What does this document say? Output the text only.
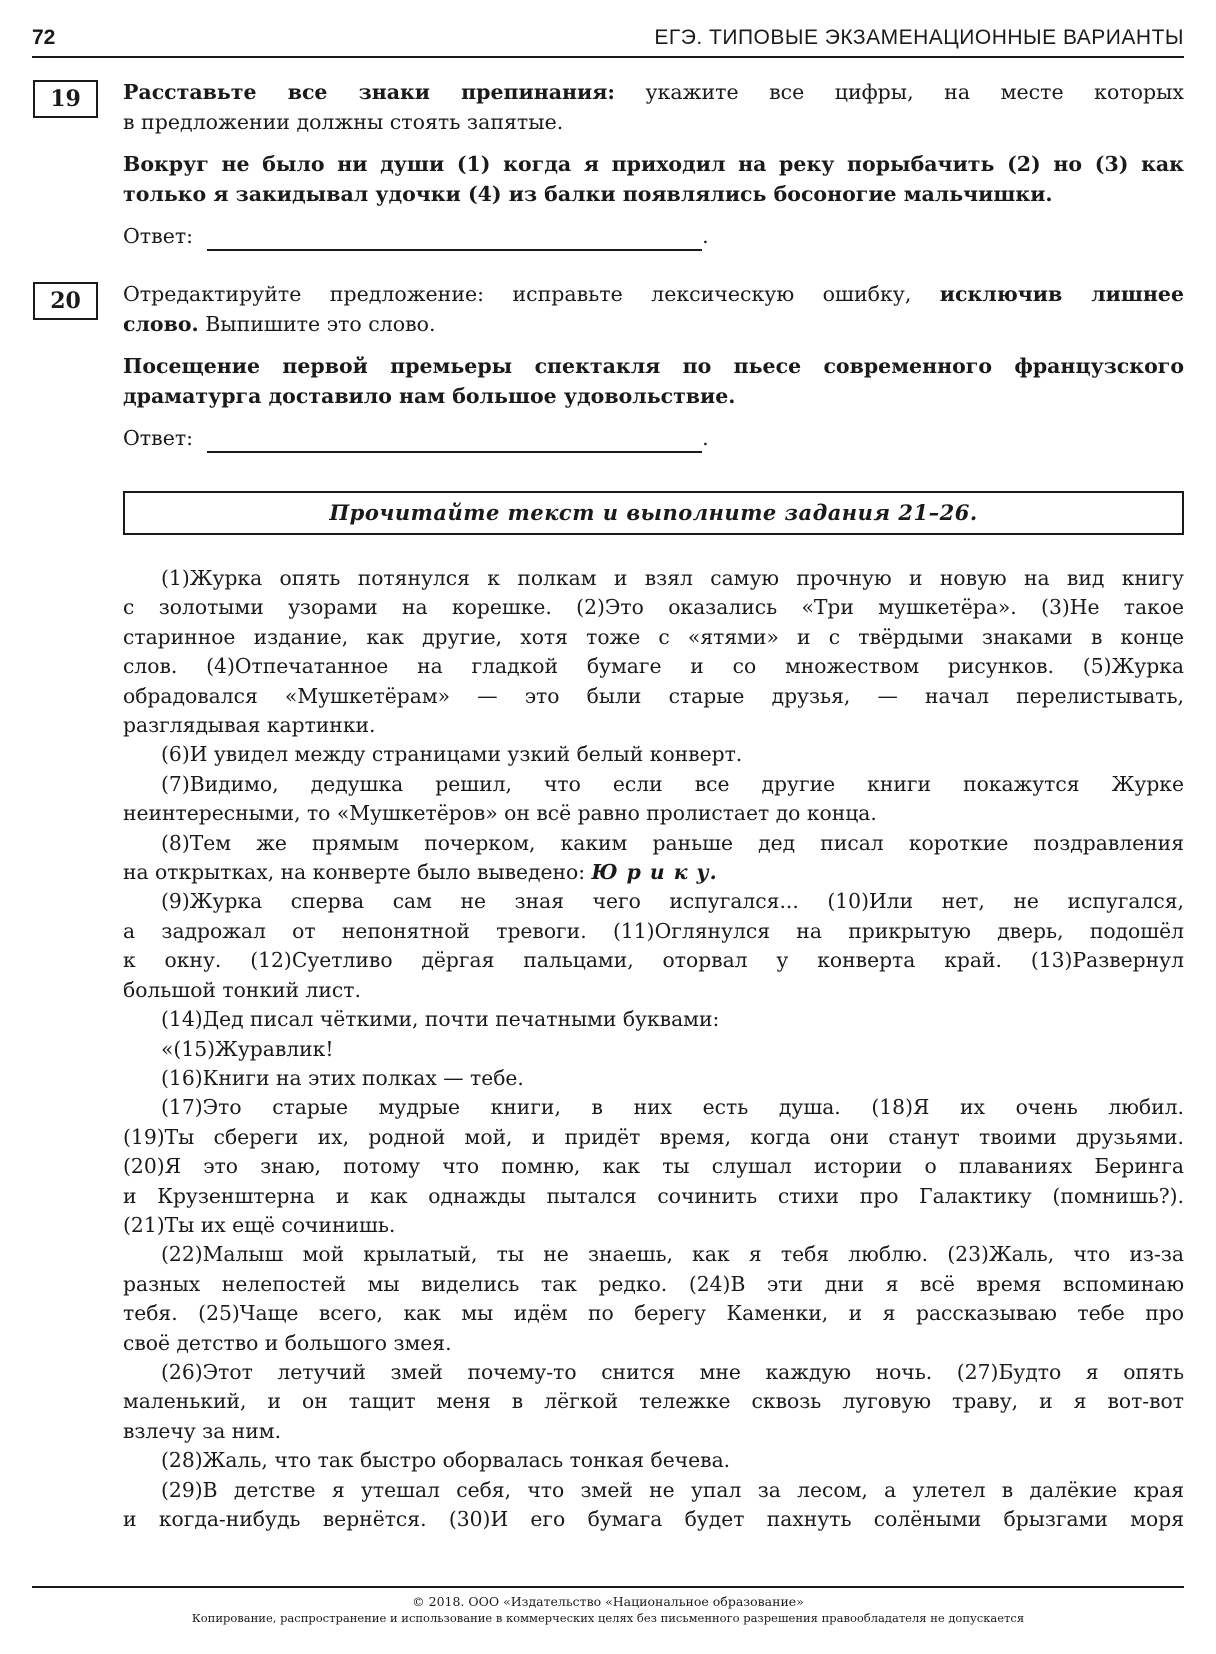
72	ЕГЭ. ТИПОВЫЕ ЭКЗАМЕНАЦИОННЫЕ ВАРИАНТЫ
19	Расставьте все знаки препинания: укажите все цифры, на месте которых
в предложении должны стоять запятые.
Вокруг не было ни души (1) когда я приходил на реку порыбачить (2) но (3) как
только я закидывал удочки (4) из балки появлялись босоногие мальчишки.
Ответ:	.
20	Отредактируйте предложение: исправьте лексическую ошибку, исключив лишнее
слово. Выпишите это слово.
Посещение первой премьеры спектакля по пьесе современного французского
драматурга доставило нам большое удовольствие.
Ответ:	.
Прочитайте текст и выполните задания 21–26.
(1)Журка опять потянулся к полкам и взял самую прочную и новую на вид книгу
с золотыми узорами на корешке. (2)Это оказались «Три мушкетёра». (3)Не такое
старинное издание, как другие, хотя тоже с «ятями» и с твёрдыми знаками в конце
слов. (4)Отпечатанное на гладкой бумаге и со множеством рисунков. (5)Журка
обрадовался «Мушкетёрам» — это были старые друзья, — начал перелистывать,
разглядывая картинки.
(6)И увидел между страницами узкий белый конверт.
(7)Видимо, дедушка решил, что если все другие книги покажутся Журке
неинтересными, то «Мушкетёров» он всё равно пролистает до конца.
(8)Тем же прямым почерком, каким раньше дед писал короткие поздравления
на открытках, на конверте было выведено: Ю р и к у.
(9)Журка сперва сам не зная чего испугался... (10)Или нет, не испугался,
а задрожал от непонятной тревоги. (11)Оглянулся на прикрытую дверь, подошёл
к окну. (12)Суетливо дёргая пальцами, оторвал у конверта край. (13)Развернул
большой тонкий лист.
(14)Дед писал чёткими, почти печатными буквами:
«(15)Журавлик!
(16)Книги на этих полках — тебе.
(17)Это старые мудрые книги, в них есть душа. (18)Я их очень любил.
(19)Ты сбереги их, родной мой, и придёт время, когда они станут твоими друзьями.
(20)Я это знаю, потому что помню, как ты слушал истории о плаваниях Беринга
и Крузенштерна и как однажды пытался сочинить стихи про Галактику (помнишь?).
(21)Ты их ещё сочинишь.
(22)Малыш мой крылатый, ты не знаешь, как я тебя люблю. (23)Жаль, что из-за
разных нелепостей мы виделись так редко. (24)В эти дни я всё время вспоминаю
тебя. (25)Чаще всего, как мы идём по берегу Каменки, и я рассказываю тебе про
своё детство и большого змея.
(26)Этот летучий змей почему-то снится мне каждую ночь. (27)Будто я опять
маленький, и он тащит меня в лёгкой тележке сквозь луговую траву, и я вот-вот
взлечу за ним.
(28)Жаль, что так быстро оборвалась тонкая бечева.
(29)В детстве я утешал себя, что змей не упал за лесом, а улетел в далёкие края
и когда-нибудь вернётся. (30)И его бумага будет пахнуть солёными брызгами моря
© 2018. ООО «Издательство «Национальное образование»
Копирование, распространение и использование в коммерческих целях без письменного разрешения правообладателя не допускается
